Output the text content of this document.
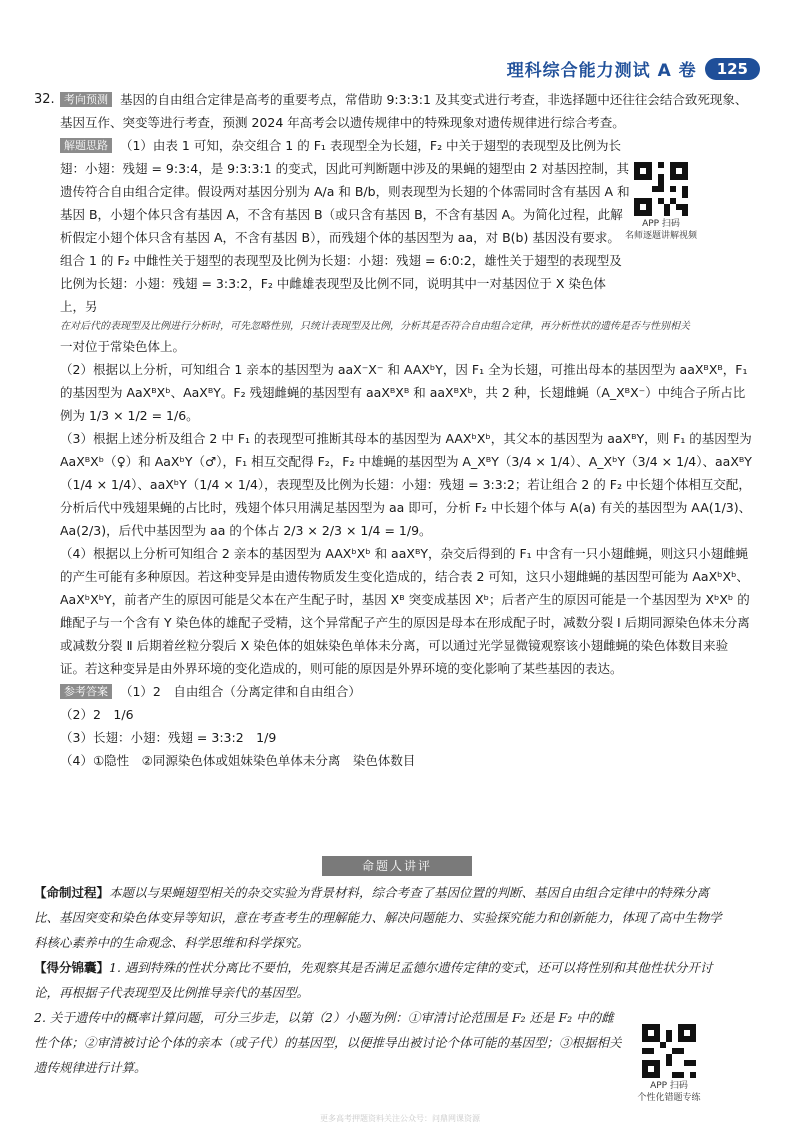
理科综合能力测试 A 卷	125
32. 考向预测 基因的自由组合定律是高考的重要考点，常借助 9:3:3:1 及其变式进行考查，非选择题中还往往会结合致死现象、基因互作、突变等进行考查，预测 2024 年高考会以遗传规律中的特殊现象对遗传规律进行综合考查。

解题思路 （1）由表 1 可知，杂交组合 1 的 F₁ 表现型全为长翅，F₂ 中关于翅型的表现型及比例为长翅：小翅：残翅 = 9:3:4，是 9:3:3:1 的变式，因此可判断题中涉及的果蝇的翅型由 2 对基因控制，其遗传符合自由组合定律。假设两对基因分别为 A/a 和 B/b，则表现型为长翅的个体需同时含有基因 A 和基因 B，小翅个体只含有基因 A，不含有基因 B（或只含有基因 B，不含有基因 A。为简化过程，此解析假定小翅个体只含有基因 A，不含有基因 B），而残翅个体的基因型为 aa，对 B(b) 基因没有要求。组合 1 的 F₂ 中雌性关于翅型的表现型及比例为长翅：小翅：残翅 = 6:0:2，雄性关于翅型的表现型及比例为长翅：小翅：残翅 = 3:3:2，F₂ 中雌雄表现型及比例不同，说明其中一对基因位于 X 染色体上，另

在对后代的表现型及比例进行分析时，可先忽略性别，只统计表现型及比例，分析其是否符合自由组合定律，再分析性状的遗传是否与性别相关

一对位于常染色体上。

（2）根据以上分析，可知组合 1 亲本的基因型为 aaX⁻X⁻ 和 AAXᵇY，因 F₁ 全为长翅，可推出母本的基因型为 aaXᴮXᴮ，F₁ 的基因型为 AaXᴮXᵇ、AaXᴮY。F₂ 残翅雌蝇的基因型有 aaXᴮXᴮ 和 aaXᴮXᵇ，共 2 种，长翅雌蝇（A_XᴮX⁻）中纯合子所占比例为 1/3 × 1/2 = 1/6。

（3）根据上述分析及组合 2 中 F₁ 的表现型可推断其母本的基因型为 AAXᵇXᵇ，其父本的基因型为 aaXᴮY，则 F₁ 的基因型为 AaXᴮXᵇ（♀）和 AaXᵇY（♂），F₁ 相互交配得 F₂，F₂ 中雄蝇的基因型为 A_XᴮY（3/4 × 1/4）、A_XᵇY（3/4 × 1/4）、aaXᴮY（1/4 × 1/4）、aaXᵇY（1/4 × 1/4），表现型及比例为长翅：小翅：残翅 = 3:3:2；若让组合 2 的 F₂ 中长翅个体相互交配，分析后代中残翅果蝇的占比时，残翅个体只用满足基因型为 aa 即可，分析 F₂ 中长翅个体与 A(a) 有关的基因型为 AA(1/3)、Aa(2/3)，后代中基因型为 aa 的个体占 2/3 × 2/3 × 1/4 = 1/9。

（4）根据以上分析可知组合 2 亲本的基因型为 AAXᵇXᵇ 和 aaXᴮY，杂交后得到的 F₁ 中含有一只小翅雌蝇，则这只小翅雌蝇的产生可能有多种原因。若这种变异是由遗传物质发生变化造成的，结合表 2 可知，这只小翅雌蝇的基因型可能为 AaXᵇXᵇ、AaXᵇXᵇY，前者产生的原因可能是父本在产生配子时，基因 Xᴮ 突变成基因 Xᵇ；后者产生的原因可能是一个基因型为 XᵇXᵇ 的雌配子与一个含有 Y 染色体的雄配子受精，这个异常配子产生的原因是母本在形成配子时，减数分裂 Ⅰ 后期同源染色体未分离或减数分裂 Ⅱ 后期着丝粒分裂后 X 染色体的姐妹染色单体未分离，可以通过光学显微镜观察该小翅雌蝇的染色体数目来验证。若这种变异是由外界环境的变化造成的，则可能的原因是外界环境的变化影响了某些基因的表达。

参考答案 （1）2　自由组合（分离定律和自由组合）

（2）2　1/6

（3）长翅：小翅：残翅 = 3:3:2　1/9

（4）①隐性　②同源染色体或姐妹染色单体未分离　染色体数目

APP 扫码
名师逐题讲解视频
命题人讲评

【命制过程】本题以与果蝇翅型相关的杂交实验为背景材料，综合考查了基因位置的判断、基因自由组合定律中的特殊分离比、基因突变和染色体变异等知识，意在考查考生的理解能力、解决问题能力、实验探究能力和创新能力，体现了高中生物学科核心素养中的生命观念、科学思维和科学探究。

【得分锦囊】1. 遇到特殊的性状分离比不要怕，先观察其是否满足孟德尔遗传定律的变式，还可以将性别和其他性状分开讨论，再根据子代表现型及比例推导亲代的基因型。

2. 关于遗传中的概率计算问题，可分三步走，以第（2）小题为例：①审清讨论范围是 F₂ 还是 F₂ 中的雌性个体；②审清被讨论个体的亲本（或子代）的基因型，以便推导出被讨论个体可能的基因型；③根据相关遗传规律进行计算。

APP 扫码
个性化错题专练
更多高考押题资料关注公众号：问鼎网课资源
